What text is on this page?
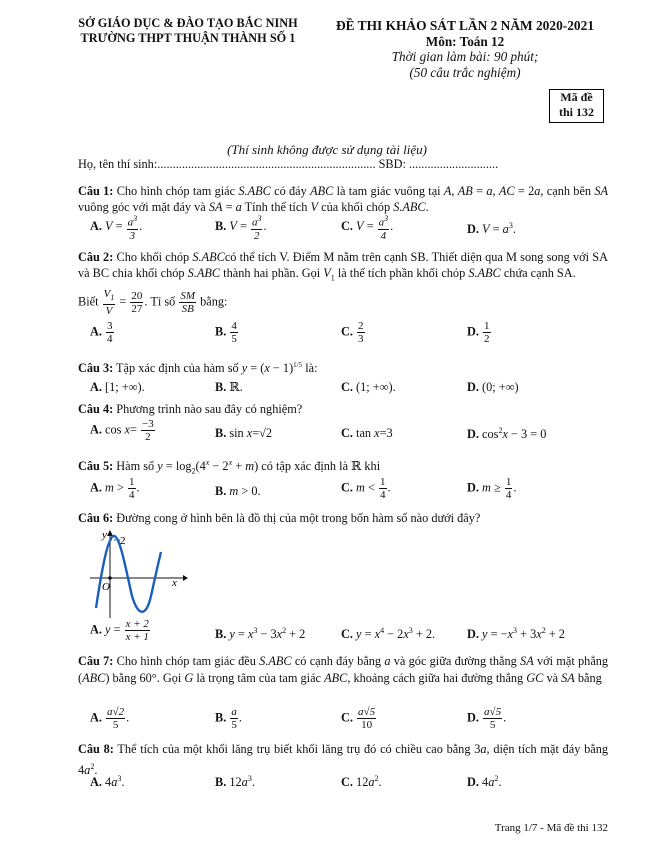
SỞ GIÁO DỤC & ĐÀO TẠO BẮC NINH
TRƯỜNG THPT THUẬN THÀNH SỐ 1
ĐỀ THI KHẢO SÁT LẦN 2 NĂM 2020-2021
Môn: Toán 12
Thời gian làm bài: 90 phút;
(50 câu trắc nghiệm)
Mã đề
thi 132
(Thí sinh không được sử dụng tài liệu)
Họ, tên thí sinh:....................................................................... SBD: .............................
Câu 1: Cho hình chóp tam giác S.ABC có đáy ABC là tam giác vuông tại A, AB = a, AC = 2a, cạnh bên SA vuông góc với mặt đáy và SA = a Tính thể tích V của khối chóp S.ABC.
A. $V = \frac{a^3}{3}$ .	B. $V = \frac{a^3}{2}$ .	C. $V = \frac{a^3}{4}$ .	D. $V = a^3$.
Câu 2: Cho khối chóp S.ABCcó thể tích V. Điểm M nằm trên cạnh SB. Thiết diện qua M song song với SA và BC chia khối chóp S.ABC thành hai phần. Gọi $V_1$ là thể tích phần khối chóp S.ABC chứa cạnh SA.
Biết $\frac{V_1}{V} = \frac{20}{27}$ . Tỉ số $\frac{SM}{SB}$ bằng:
A. $\frac{3}{4}$	B. $\frac{4}{5}$	C. $\frac{2}{3}$	D. $\frac{1}{2}$
Câu 3: Tập xác định của hàm số $y = (x - 1)^{1/5}$ là:
A. [1; +∞).	B. ℝ.	C. (1; +∞).	D. (0; +∞)
Câu 4: Phương trình nào sau đây có nghiệm?
A. $\cos x= \frac{-3}{2}$	B. sin x=√2	C. tan x=3	D. $\cos^2x - 3 = 0$
Câu 5: Hàm số $y = \log_2(4^x - 2^x + m)$ có tập xác định là ℝ khi
A. $m > \frac{1}{4}$ .	B. m > 0.	C. $m < \frac{1}{4}$ .	D. $m \ge \frac{1}{4}$ .
Câu 6: Đường cong ở hình bên là đồ thị của một trong bốn hàm số nào dưới đây?
y 2
O	x
A. $y = \frac{x + 2}{x + 1}$	B. $y = x^3 - 3x^2 + 2$	C. $y = x^4 - 2x^3 + 2$.	D. $y = -x^3 + 3x^2 + 2$
Câu 7: Cho hình chóp tam giác đều S.ABC có cạnh đáy bằng a và góc giữa đường thẳng SA với mặt phẳng (ABC) bằng 60°. Gọi G là trọng tâm của tam giác ABC, khoảng cách giữa hai đường thẳng GC và SA bằng
A. $\frac{a√2}{5}$ .	B. $\frac{a}{5}$ .	C. $\frac{a√5}{10}$	D. $\frac{a√5}{5}$ .
Câu 8: Thể tích của một khối lăng trụ biết khối lăng trụ đó có chiều cao bằng 3a, diện tích mặt đáy bằng $4a^2$.
A. $4a^3$.	B. $12a^3$.	C. $12a^2$.	D. $4a^2$.
Trang 1/7 - Mã đề thi 132
